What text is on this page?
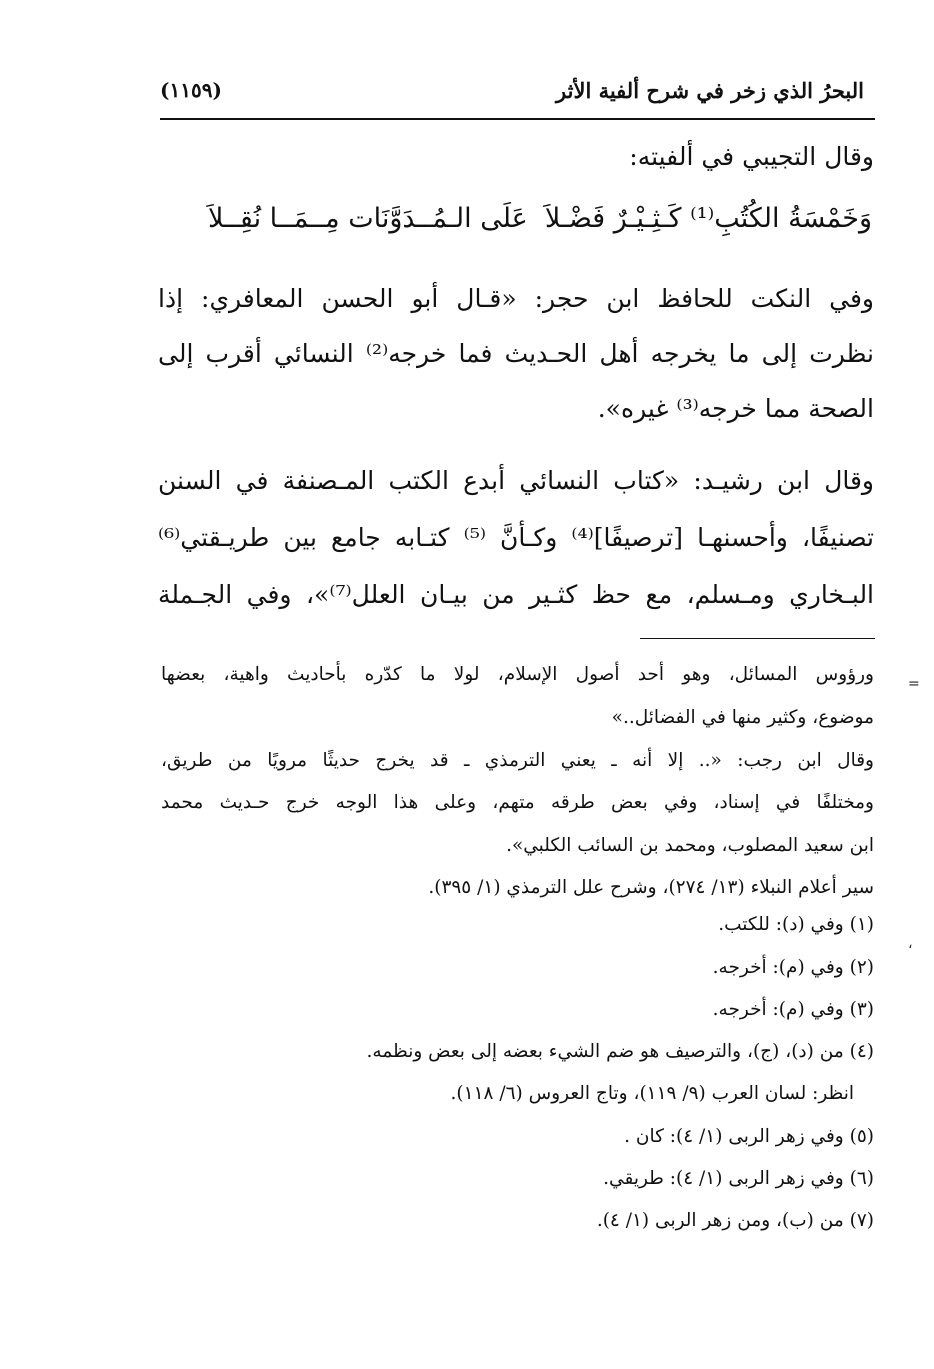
البحرُ الذي زخر في شرح ألفية الأثر
(١١٥٩)
وقال التجيبي في ألفيته:
وَخَمْسَةُ الكُتُبِ⁽¹⁾ كَـثِـيْـرٌ فَضْـلاَ
عَلَى الـمُــدَوَّنَات مِــمَــا نُقِــلاَ
وفي النكت للحافظ ابن حجر: «قـال أبو الحسن المعافري: إذا
نظرت إلى ما يخرجه أهل الحـديث فما خرجه⁽²⁾ النسائي أقرب إلى
الصحة مما خرجه⁽³⁾ غيره».
وقال ابن رشيـد: «كتاب النسائي أبدع الكتب المـصنفة في السنن
تصنيفًا، وأحسنهـا [ترصيفًا]⁽⁴⁾ وكـأنَّ ⁽⁵⁾ كتـابه جامع بين طريـقتي⁽⁶⁾
البـخاري ومـسلم، مع حظ كثـير من بيـان العلل⁽⁷⁾»، وفي الجـملة
ورؤوس المسائل، وهو أحد أصول الإسلام، لولا ما كدّره بأحاديث واهية، بعضها
موضوع، وكثير منها في الفضائل..»
وقال ابن رجب: «.. إلا أنه ـ يعني الترمذي ـ قد يخرج حديثًا مرويًا من طريق،
ومختلفًا في إسناد، وفي بعض طرقه متهم، وعلى هذا الوجه خرج حـديث محمد
ابن سعيد المصلوب، ومحمد بن السائب الكلبي».
سير أعلام النبلاء (١٣/ ٢٧٤)، وشرح علل الترمذي (١/ ٣٩٥).
(١) وفي (د): للكتب.
(٢) وفي (م): أخرجه.
(٣) وفي (م): أخرجه.
(٤) من (د)، (ج)، والترصيف هو ضم الشيء بعضه إلى بعض ونظمه.
انظر: لسان العرب (٩/ ١١٩)، وتاج العروس (٦/ ١١٨).
(٥) وفي زهر الربى (١/ ٤): كان .
(٦) وفي زهر الربى (١/ ٤): طريقي.
(٧) من (ب)، ومن زهر الربى (١/ ٤).
=
،
